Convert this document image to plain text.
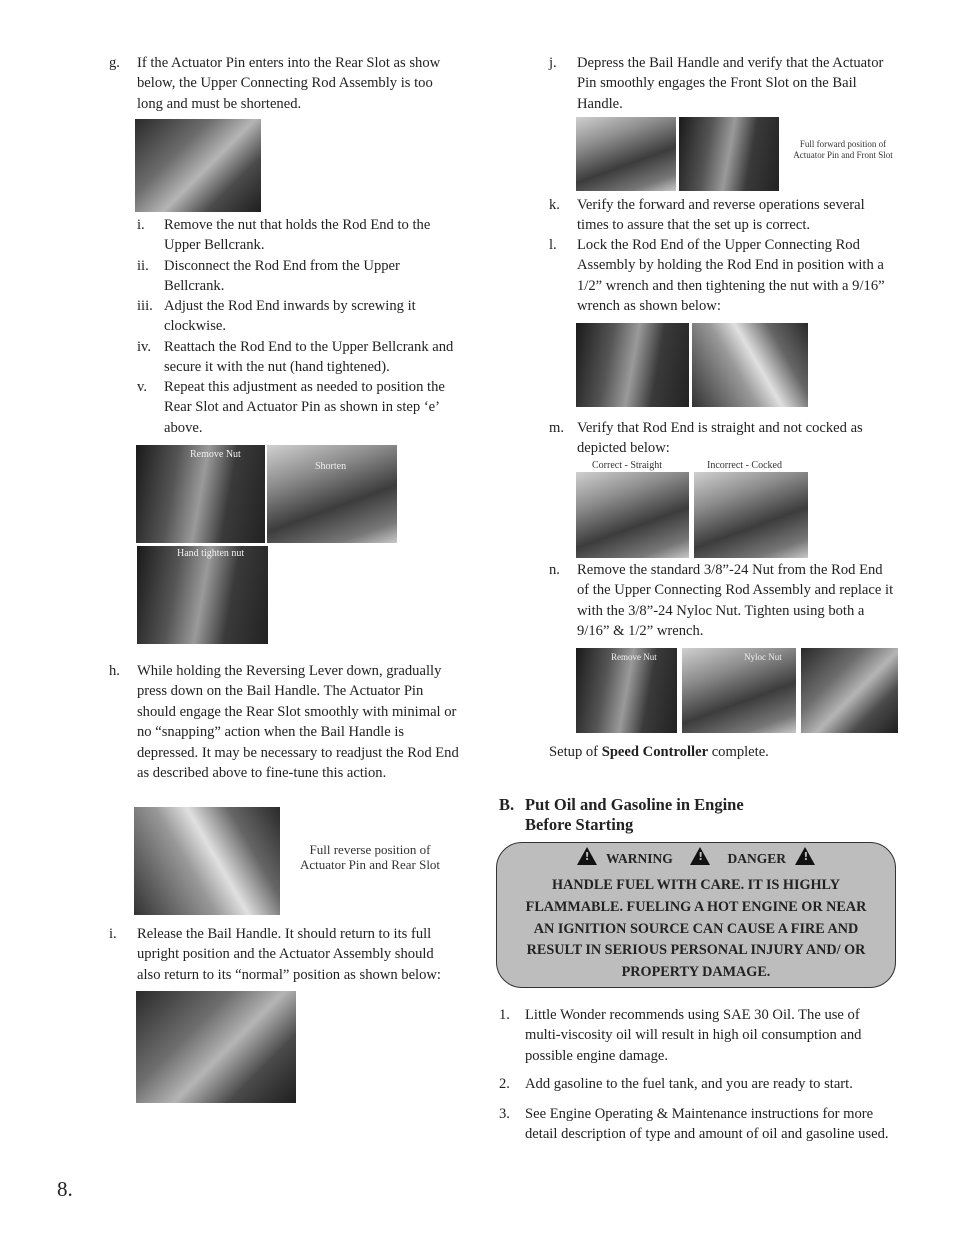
g.	If the Actuator Pin enters into the Rear Slot as show below, the Upper Connecting Rod Assembly is too long and must be shortened.
i.	Remove the nut that holds the Rod End to the Upper Bellcrank.
ii.	Disconnect the Rod End from the Upper Bellcrank.
iii. Adjust the Rod End inwards by screwing it clockwise.
iv. Reattach the Rod End to the Upper Bellcrank and secure it with the nut (hand tightened).
v.	Repeat this adjustment as needed to position the Rear Slot and Actuator Pin as shown in step ‘e’ above.
Remove Nut
Shorten
Hand tighten nut
h.	While holding the Reversing Lever down, gradually press down on the Bail Handle. The Actuator Pin should engage the Rear Slot smoothly with minimal or no “snapping” action when the Bail Handle is depressed. It may be necessary to readjust the Rod End as described above to fine-tune this action.
Full reverse position of Actuator Pin and Rear Slot
i.	Release the Bail Handle. It should return to its full upright position and the Actuator Assembly should also return to its “normal” position as shown below:
j.	Depress the Bail Handle and verify that the Actuator Pin smoothly engages the Front Slot on the Bail Handle.
Full forward position of Actuator Pin and Front Slot
k.	Verify the forward and reverse operations several times to assure that the set up is correct.
l.	Lock the Rod End of the Upper Connecting Rod Assembly by holding the Rod End in position with a 1/2” wrench and then tightening the nut with a 9/16” wrench as shown below:
m. Verify that Rod End is straight and not cocked as depicted below:
Correct - Straight	Incorrect - Cocked
n.	Remove the standard 3/8”-24 Nut from the Rod End of the Upper Connecting Rod Assembly and replace it with the 3/8”-24 Nyloc Nut. Tighten using both a 9/16” & 1/2” wrench.
Remove Nut	Nyloc Nut
Setup of Speed Controller complete.
B. Put Oil and Gasoline in Engine
Before Starting
! WARNING !	DANGER !
HANDLE FUEL WITH CARE. IT IS HIGHLY
FLAMMABLE. FUELING A HOT ENGINE OR NEAR
AN IGNITION SOURCE CAN CAUSE A FIRE AND
RESULT IN SERIOUS PERSONAL INJURY AND/ OR
PROPERTY DAMAGE.
1.	Little Wonder recommends using SAE 30 Oil. The use of multi-viscosity oil will result in high oil consumption and possible engine damage.
2.	Add gasoline to the fuel tank, and you are ready to start.
3.	See Engine Operating & Maintenance instructions for more detail description of type and amount of oil and gasoline used.
8.
